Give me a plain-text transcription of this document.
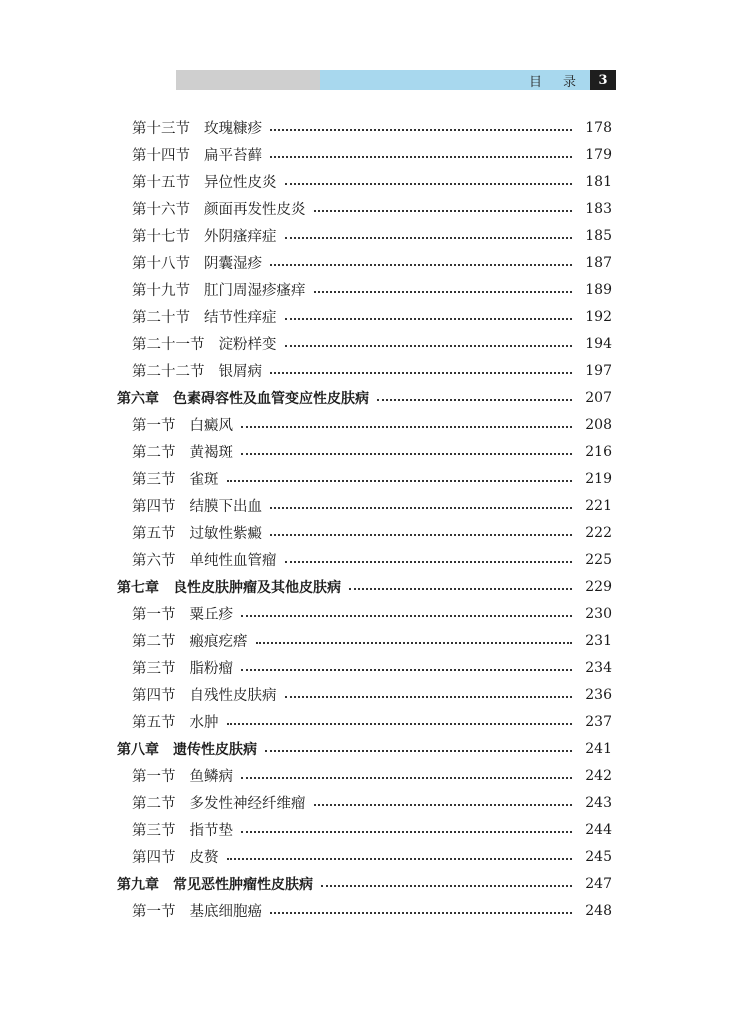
目　录	3
第十三节 玫瑰糠疹	178
第十四节 扁平苔藓	179
第十五节 异位性皮炎	181
第十六节 颜面再发性皮炎	183
第十七节 外阴瘙痒症	185
第十八节 阴囊湿疹	187
第十九节 肛门周湿疹瘙痒	189
第二十节 结节性痒症	192
第二十一节 淀粉样变	194
第二十二节 银屑病	197
第六章 色素碍容性及血管变应性皮肤病	207
第一节 白癜风	208
第二节 黄褐斑	216
第三节 雀斑	219
第四节 结膜下出血	221
第五节 过敏性紫癜	222
第六节 单纯性血管瘤	225
第七章 良性皮肤肿瘤及其他皮肤病	229
第一节 粟丘疹	230
第二节 瘢痕疙瘩	231
第三节 脂粉瘤	234
第四节 自残性皮肤病	236
第五节 水肿	237
第八章 遗传性皮肤病	241
第一节 鱼鳞病	242
第二节 多发性神经纤维瘤	243
第三节 指节垫	244
第四节 皮赘	245
第九章 常见恶性肿瘤性皮肤病	247
第一节 基底细胞癌	248
